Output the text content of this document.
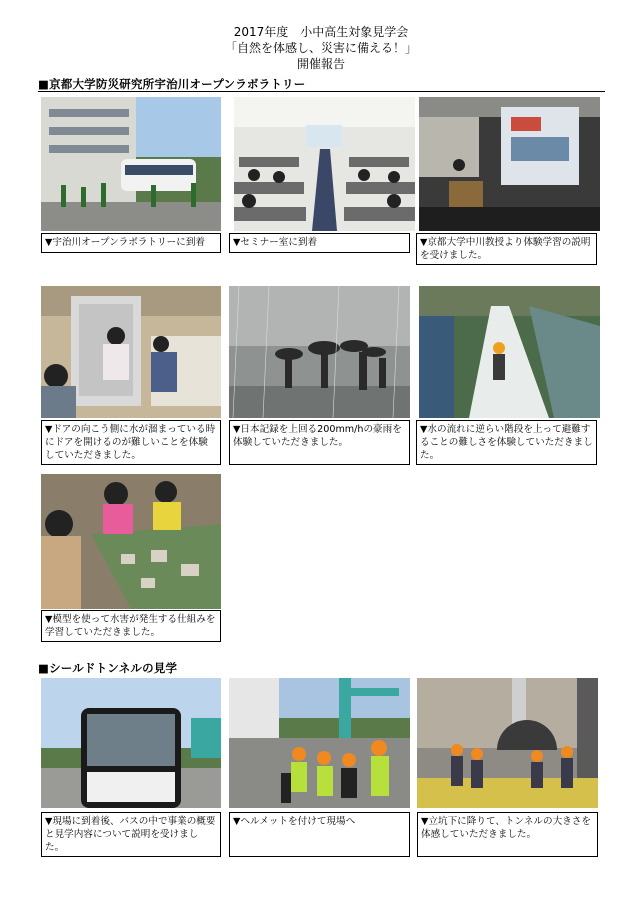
2017年度　小中高生対象見学会
「自然を体感し、災害に備える！」
開催報告
■京都大学防災研究所宇治川オープンラボラトリー
▼宇治川オープンラボラトリーに到着	▼セミナー室に到着	▼京都大学中川教授より体験学習の説明を受けました。
▼ドアの向こう側に水が溜まっている時にドアを開けるのが難しいことを体験していただきました。
▼日本記録を上回る200mm/hの豪雨を体験していただきました。
▼水の流れに逆らい階段を上って避難することの難しさを体験していただきました。
▼模型を使って水害が発生する仕組みを学習していただきました。
■シールドトンネルの見学
▼現場に到着後、バスの中で事業の概要と見学内容について説明を受けました。
▼ヘルメットを付けて現場へ	▼立坑下に降りて、トンネルの大きさを体感していただきました。
